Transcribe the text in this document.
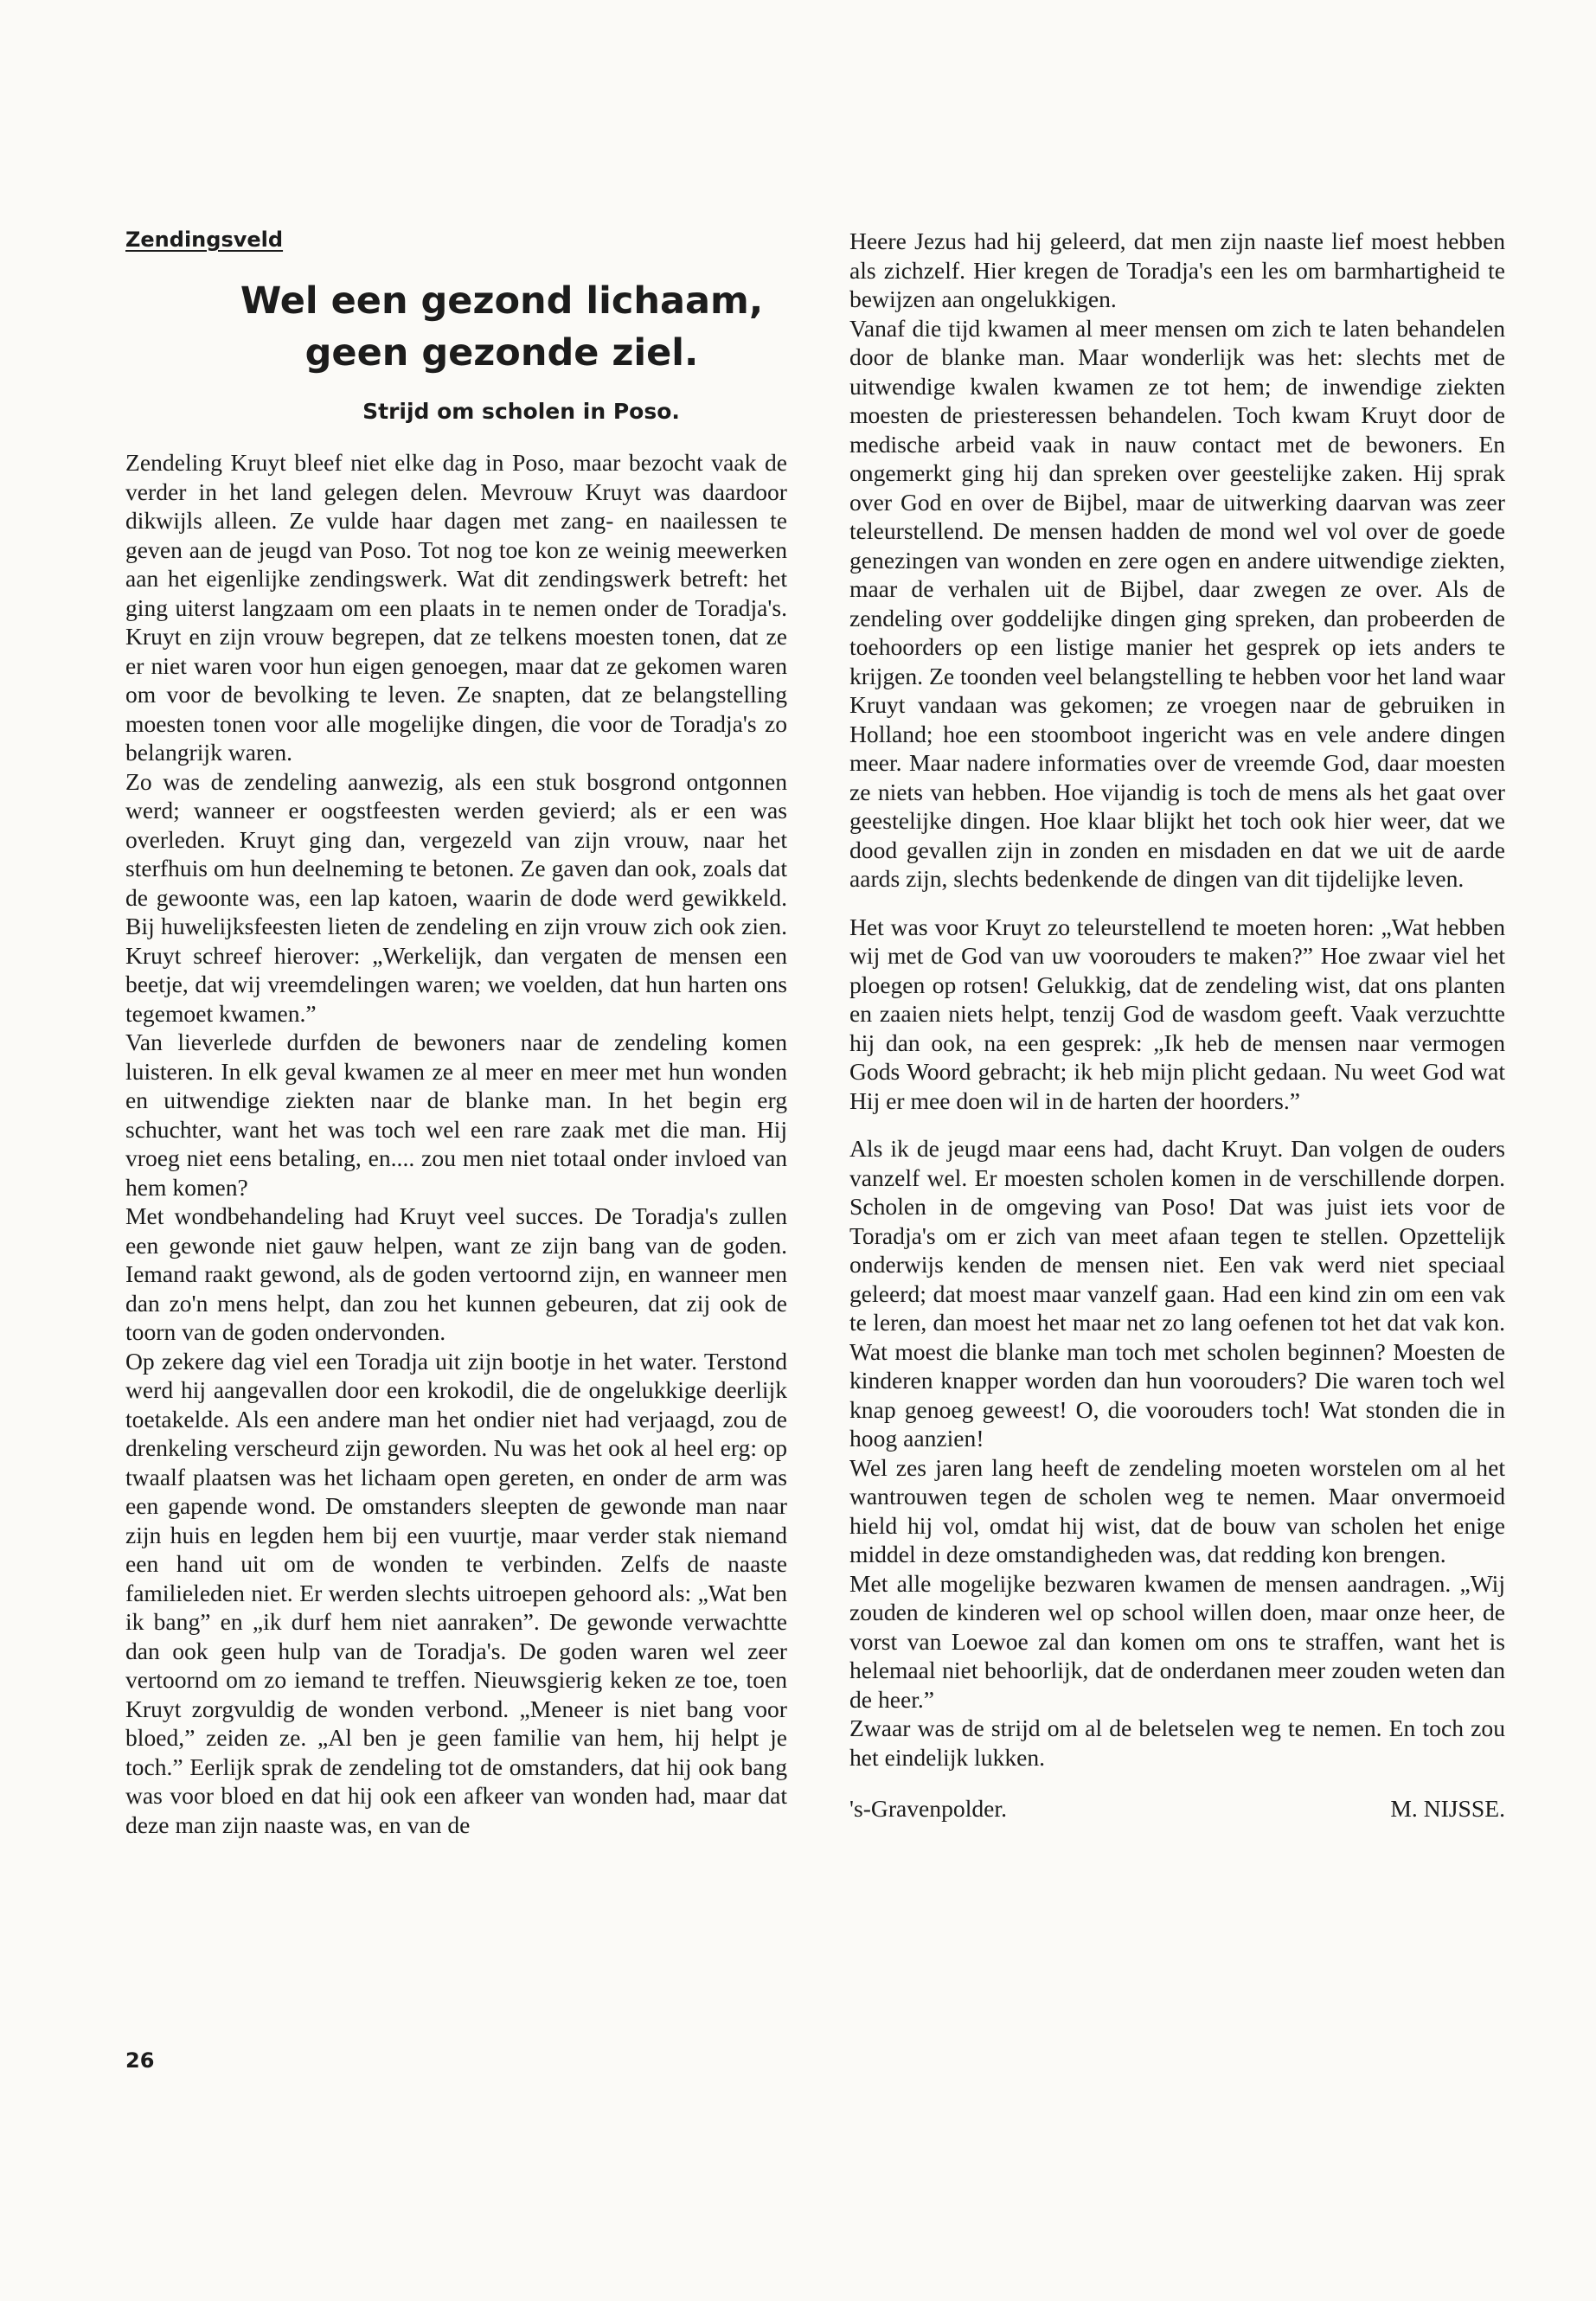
Zendingsveld
Wel een gezond lichaam, geen gezonde ziel.
Strijd om scholen in Poso.

Zendeling Kruyt bleef niet elke dag in Poso, maar bezocht vaak de verder in het land gelegen delen. Mevrouw Kruyt was daardoor dikwijls alleen. Ze vulde haar dagen met zang- en naailessen te geven aan de jeugd van Poso. Tot nog toe kon ze weinig meewerken aan het eigenlijke zendingswerk. Wat dit zendingswerk betreft: het ging uiterst langzaam om een plaats in te nemen onder de Toradja's. Kruyt en zijn vrouw begrepen, dat ze telkens moesten tonen, dat ze er niet waren voor hun eigen genoegen, maar dat ze gekomen waren om voor de bevolking te leven. Ze snapten, dat ze belangstelling moesten tonen voor alle mogelijke dingen, die voor de Toradja's zo belangrijk waren.

Zo was de zendeling aanwezig, als een stuk bosgrond ontgonnen werd; wanneer er oogstfeesten werden gevierd; als er een was overleden. Kruyt ging dan, vergezeld van zijn vrouw, naar het sterfhuis om hun deelneming te betonen. Ze gaven dan ook, zoals dat de gewoonte was, een lap katoen, waarin de dode werd gewikkeld. Bij huwelijksfeesten lieten de zendeling en zijn vrouw zich ook zien. Kruyt schreef hierover: „Werkelijk, dan vergaten de mensen een beetje, dat wij vreemdelingen waren; we voelden, dat hun harten ons tegemoet kwamen.”

Van lieverlede durfden de bewoners naar de zendeling komen luisteren. In elk geval kwamen ze al meer en meer met hun wonden en uitwendige ziekten naar de blanke man. In het begin erg schuchter, want het was toch wel een rare zaak met die man. Hij vroeg niet eens betaling, en.... zou men niet totaal onder invloed van hem komen?

Met wondbehandeling had Kruyt veel succes. De Toradja's zullen een gewonde niet gauw helpen, want ze zijn bang van de goden. Iemand raakt gewond, als de goden vertoornd zijn, en wanneer men dan zo'n mens helpt, dan zou het kunnen gebeuren, dat zij ook de toorn van de goden ondervonden.

Op zekere dag viel een Toradja uit zijn bootje in het water. Terstond werd hij aangevallen door een krokodil, die de ongelukkige deerlijk toetakelde. Als een andere man het ondier niet had verjaagd, zou de drenkeling verscheurd zijn geworden. Nu was het ook al heel erg: op twaalf plaatsen was het lichaam open gereten, en onder de arm was een gapende wond. De omstanders sleepten de gewonde man naar zijn huis en legden hem bij een vuurtje, maar verder stak niemand een hand uit om de wonden te verbinden. Zelfs de naaste familieleden niet. Er werden slechts uitroepen gehoord als: „Wat ben ik bang” en „ik durf hem niet aanraken”. De gewonde verwachtte dan ook geen hulp van de Toradja's. De goden waren wel zeer vertoornd om zo iemand te treffen. Nieuwsgierig keken ze toe, toen Kruyt zorgvuldig de wonden verbond. „Meneer is niet bang voor bloed,” zeiden ze. „Al ben je geen familie van hem, hij helpt je toch.” Eerlijk sprak de zendeling tot de omstanders, dat hij ook bang was voor bloed en dat hij ook een afkeer van wonden had, maar dat deze man zijn naaste was, en van de

Heere Jezus had hij geleerd, dat men zijn naaste lief moest hebben als zichzelf. Hier kregen de Toradja's een les om barmhartigheid te bewijzen aan ongelukkigen.

Vanaf die tijd kwamen al meer mensen om zich te laten behandelen door de blanke man. Maar wonderlijk was het: slechts met de uitwendige kwalen kwamen ze tot hem; de inwendige ziekten moesten de priesteressen behandelen. Toch kwam Kruyt door de medische arbeid vaak in nauw contact met de bewoners. En ongemerkt ging hij dan spreken over geestelijke zaken. Hij sprak over God en over de Bijbel, maar de uitwerking daarvan was zeer teleurstellend. De mensen hadden de mond wel vol over de goede genezingen van wonden en zere ogen en andere uitwendige ziekten, maar de verhalen uit de Bijbel, daar zwegen ze over. Als de zendeling over goddelijke dingen ging spreken, dan probeerden de toehoorders op een listige manier het gesprek op iets anders te krijgen. Ze toonden veel belangstelling te hebben voor het land waar Kruyt vandaan was gekomen; ze vroegen naar de gebruiken in Holland; hoe een stoomboot ingericht was en vele andere dingen meer. Maar nadere informaties over de vreemde God, daar moesten ze niets van hebben. Hoe vijandig is toch de mens als het gaat over geestelijke dingen. Hoe klaar blijkt het toch ook hier weer, dat we dood gevallen zijn in zonden en misdaden en dat we uit de aarde aards zijn, slechts bedenkende de dingen van dit tijdelijke leven.

Het was voor Kruyt zo teleurstellend te moeten horen: „Wat hebben wij met de God van uw voorouders te maken?” Hoe zwaar viel het ploegen op rotsen! Gelukkig, dat de zendeling wist, dat ons planten en zaaien niets helpt, tenzij God de wasdom geeft. Vaak verzuchtte hij dan ook, na een gesprek: „Ik heb de mensen naar vermogen Gods Woord gebracht; ik heb mijn plicht gedaan. Nu weet God wat Hij er mee doen wil in de harten der hoorders.”

Als ik de jeugd maar eens had, dacht Kruyt. Dan volgen de ouders vanzelf wel. Er moesten scholen komen in de verschillende dorpen. Scholen in de omgeving van Poso! Dat was juist iets voor de Toradja's om er zich van meet afaan tegen te stellen. Opzettelijk onderwijs kenden de mensen niet. Een vak werd niet speciaal geleerd; dat moest maar vanzelf gaan. Had een kind zin om een vak te leren, dan moest het maar net zo lang oefenen tot het dat vak kon. Wat moest die blanke man toch met scholen beginnen? Moesten de kinderen knapper worden dan hun voorouders? Die waren toch wel knap genoeg geweest! O, die voorouders toch! Wat stonden die in hoog aanzien!

Wel zes jaren lang heeft de zendeling moeten worstelen om al het wantrouwen tegen de scholen weg te nemen. Maar onvermoeid hield hij vol, omdat hij wist, dat de bouw van scholen het enige middel in deze omstandigheden was, dat redding kon brengen.

Met alle mogelijke bezwaren kwamen de mensen aandragen. „Wij zouden de kinderen wel op school willen doen, maar onze heer, de vorst van Loewoe zal dan komen om ons te straffen, want het is helemaal niet behoorlijk, dat de onderdanen meer zouden weten dan de heer.”

Zwaar was de strijd om al de beletselen weg te nemen. En toch zou het eindelijk lukken.

's-Gravenpolder.	M. NIJSSE.

26
